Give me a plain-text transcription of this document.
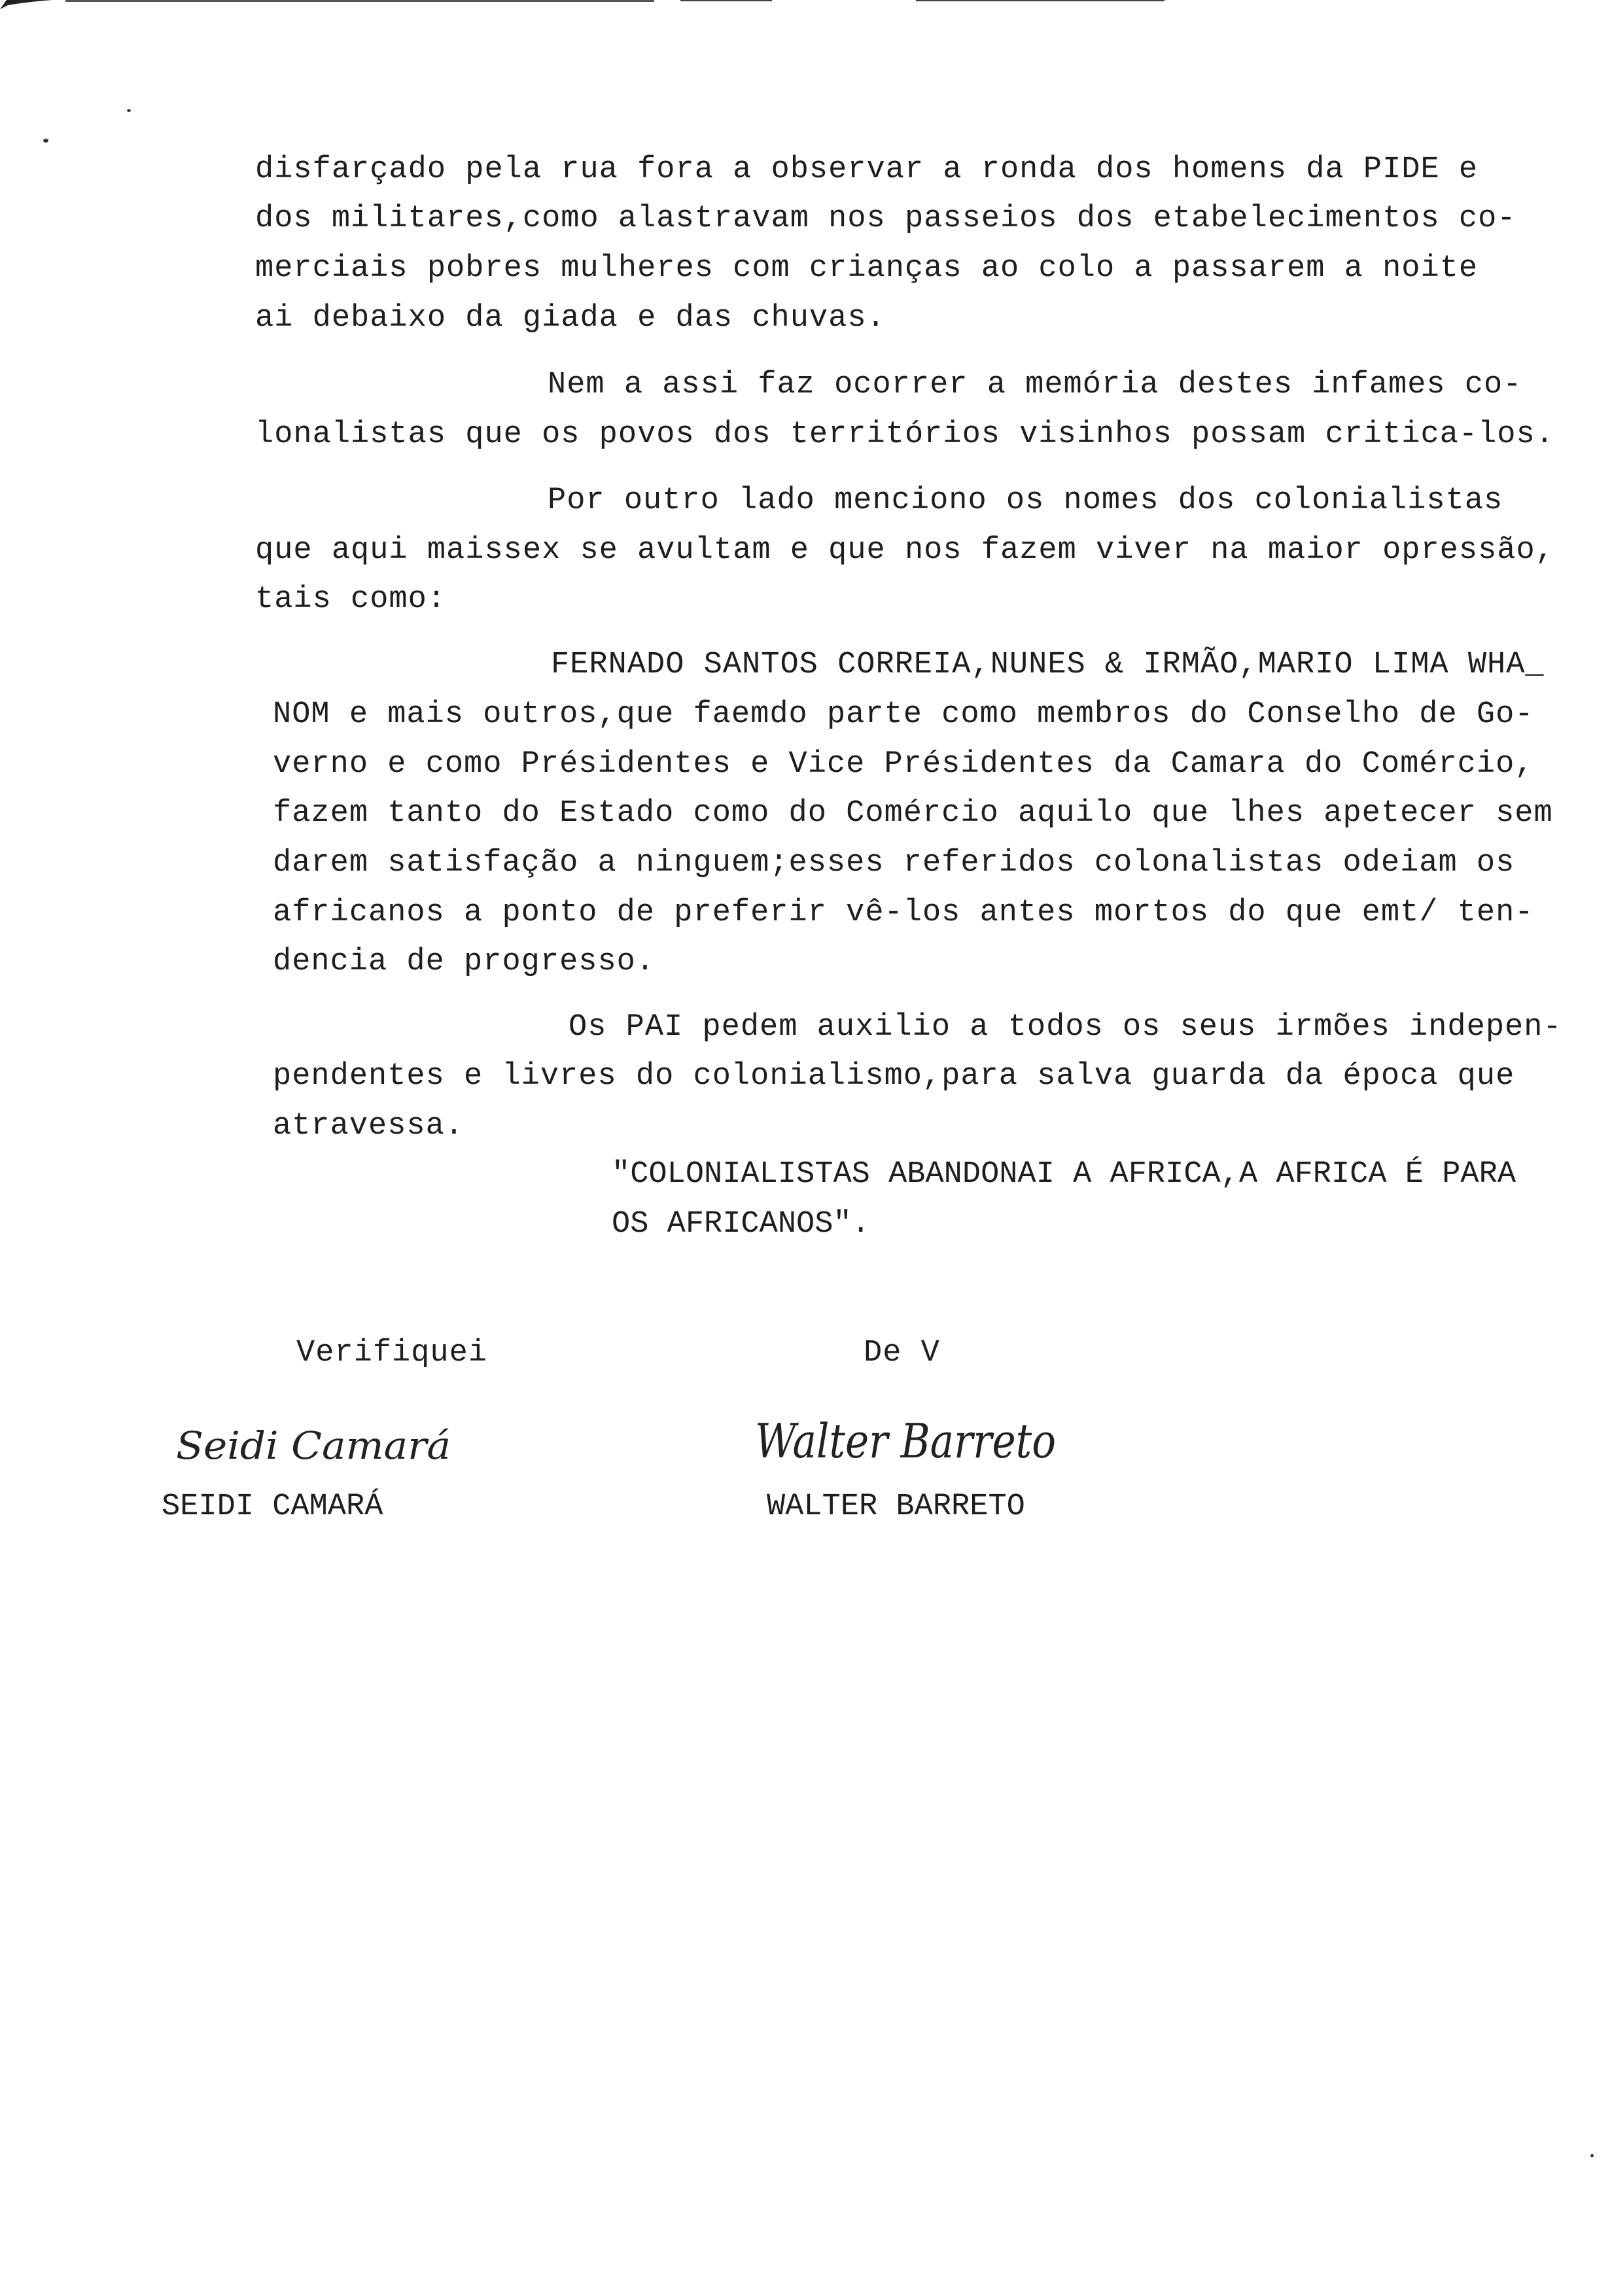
disfarçado pela rua fora a observar a ronda dos homens da PIDE e
dos militares,como alastravam nos passeios dos etabelecimentos co-
merciais pobres mulheres com crianças ao colo a passarem a noite
ai debaixo da giada e das chuvas.
Nem a assi faz ocorrer a memória destes infames co-
lonalistas que os povos dos territórios visinhos possam critica-los.
Por outro lado menciono os nomes dos colonialistas
que aqui maissex se avultam e que nos fazem viver na maior opressão,
tais como:
FERNADO SANTOS CORREIA,NUNES & IRMÃO,MARIO LIMA WHA_
NOM e mais outros,que faemdo parte como membros do Conselho de Go-
verno e como Présidentes e Vice Présidentes da Camara do Comércio,
fazem tanto do Estado como do Comércio aquilo que lhes apetecer sem
darem satisfação a ninguem;esses referidos colonalistas odeiam os
africanos a ponto de preferir vê-los antes mortos do que emt/ ten-
dencia de progresso.
Os PAI pedem auxilio a todos os seus irmões indepen-
pendentes e livres do colonialismo,para salva guarda da época que
atravessa.
"COLONIALISTAS ABANDONAI A AFRICA,A AFRICA É PARA
OS AFRICANOS".
Verifiquei	De V
Seidi Camará	Walter Barreto
SEIDI CAMARÁ	WALTER BARRETO
